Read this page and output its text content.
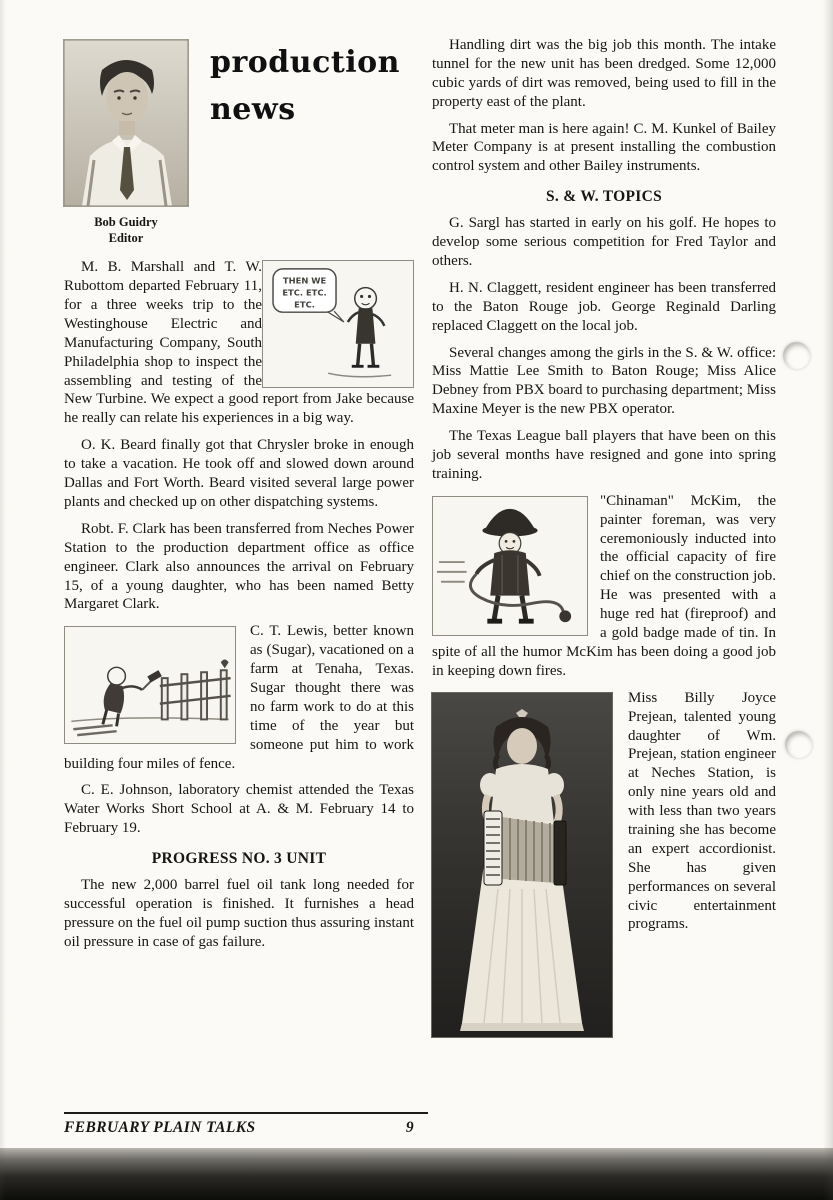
production
news
Bob Guidry
Editor

THEN WE
ETC. ETC.
ETC.
M. B. Marshall and T. W. Rubottom departed February 11, for a three weeks trip to the Westinghouse Electric and Manufacturing Company, South Philadelphia shop to inspect the assembling and testing of the New Turbine. We expect a good report from Jake because he really can relate his experiences in a big way.

O. K. Beard finally got that Chrysler broke in enough to take a vacation. He took off and slowed down around Dallas and Fort Worth. Beard visited several large power plants and checked up on other dispatching systems.

Robt. F. Clark has been transferred from Neches Power Station to the production department office as office engineer. Clark also announces the arrival on February 15, of a young daughter, who has been named Betty Margaret Clark.

C. T. Lewis, better known as (Sugar), vacationed on a farm at Tenaha, Texas. Sugar thought there was no farm work to do at this time of the year but someone put him to work building four miles of fence.

C. E. Johnson, laboratory chemist attended the Texas Water Works Short School at A. & M. February 14 to February 19.

PROGRESS NO. 3 UNIT

The new 2,000 barrel fuel oil tank long needed for successful operation is finished. It furnishes a head pressure on the fuel oil pump suction thus assuring instant oil pressure in case of gas failure.

Handling dirt was the big job this month. The intake tunnel for the new unit has been dredged. Some 12,000 cubic yards of dirt was removed, being used to fill in the property east of the plant.

That meter man is here again! C. M. Kunkel of Bailey Meter Company is at present installing the combustion control system and other Bailey instruments.

S. & W. TOPICS

G. Sargl has started in early on his golf. He hopes to develop some serious competition for Fred Taylor and others.

H. N. Claggett, resident engineer has been transferred to the Baton Rouge job. George Reginald Darling replaced Claggett on the local job.

Several changes among the girls in the S. & W. office: Miss Mattie Lee Smith to Baton Rouge; Miss Alice Debney from PBX board to purchasing department; Miss Maxine Meyer is the new PBX operator.

The Texas League ball players that have been on this job several months have resigned and gone into spring training.

"Chinaman" McKim, the painter foreman, was very ceremoniously inducted into the official capacity of fire chief on the construction job. He was presented with a huge red hat (fireproof) and a gold badge made of tin. In spite of all the humor McKim has been doing a good job in keeping down fires.

Miss Billy Joyce Prejean, talented young daughter of Wm. Prejean, station engineer at Neches Station, is only nine years old and with less than two years training she has become an expert accordionist. She has given performances on several civic entertainment programs.

FEBRUARY PLAIN TALKS	9
